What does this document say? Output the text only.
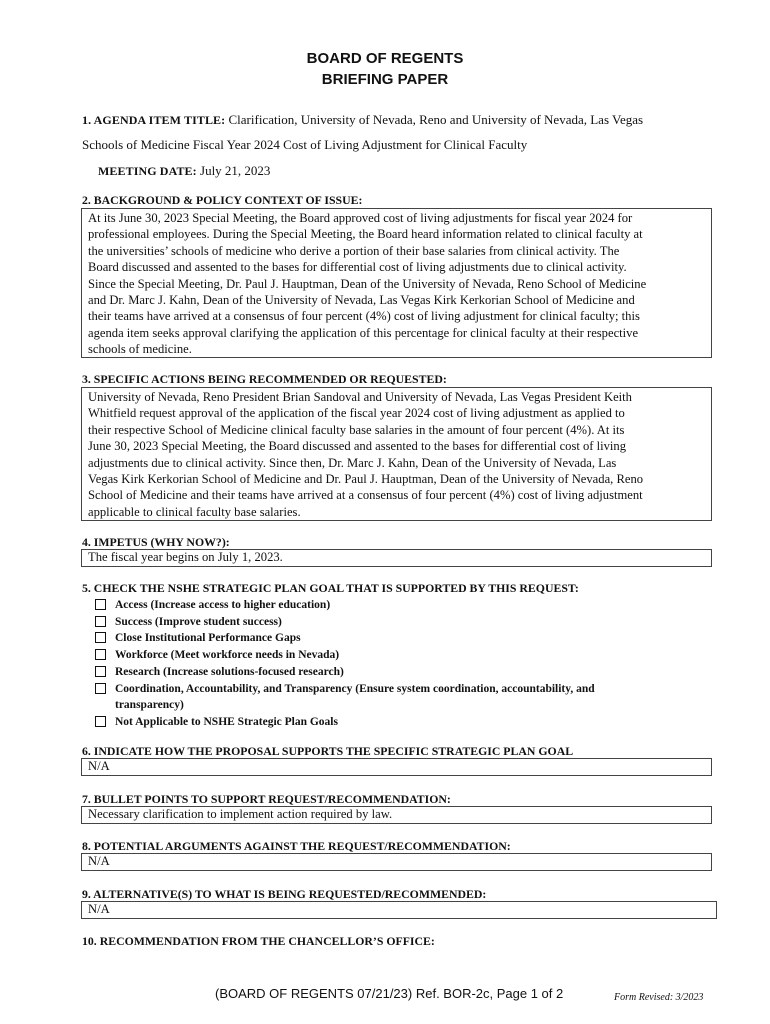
BOARD OF REGENTS
BRIEFING PAPER
1. AGENDA ITEM TITLE: Clarification, University of Nevada, Reno and University of Nevada, Las Vegas
Schools of Medicine Fiscal Year 2024 Cost of Living Adjustment for Clinical Faculty
MEETING DATE: July 21, 2023
2. BACKGROUND & POLICY CONTEXT OF ISSUE:
At its June 30, 2023 Special Meeting, the Board approved cost of living adjustments for fiscal year 2024 for
professional employees. During the Special Meeting, the Board heard information related to clinical faculty at
the universities’ schools of medicine who derive a portion of their base salaries from clinical activity. The
Board discussed and assented to the bases for differential cost of living adjustments due to clinical activity.
Since the Special Meeting, Dr. Paul J. Hauptman, Dean of the University of Nevada, Reno School of Medicine
and Dr. Marc J. Kahn, Dean of the University of Nevada, Las Vegas Kirk Kerkorian School of Medicine and
their teams have arrived at a consensus of four percent (4%) cost of living adjustment for clinical faculty; this
agenda item seeks approval clarifying the application of this percentage for clinical faculty at their respective
schools of medicine.
3. SPECIFIC ACTIONS BEING RECOMMENDED OR REQUESTED:
University of Nevada, Reno President Brian Sandoval and University of Nevada, Las Vegas President Keith
Whitfield request approval of the application of the fiscal year 2024 cost of living adjustment as applied to
their respective School of Medicine clinical faculty base salaries in the amount of four percent (4%). At its
June 30, 2023 Special Meeting, the Board discussed and assented to the bases for differential cost of living
adjustments due to clinical activity. Since then, Dr. Marc J. Kahn, Dean of the University of Nevada, Las
Vegas Kirk Kerkorian School of Medicine and Dr. Paul J. Hauptman, Dean of the University of Nevada, Reno
School of Medicine and their teams have arrived at a consensus of four percent (4%) cost of living adjustment
applicable to clinical faculty base salaries.
4. IMPETUS (WHY NOW?):
The fiscal year begins on July 1, 2023.
5. CHECK THE NSHE STRATEGIC PLAN GOAL THAT IS SUPPORTED BY THIS REQUEST:
Access (Increase access to higher education)
Success (Improve student success)
Close Institutional Performance Gaps
Workforce (Meet workforce needs in Nevada)
Research (Increase solutions-focused research)
Coordination, Accountability, and Transparency (Ensure system coordination, accountability, and
transparency)
Not Applicable to NSHE Strategic Plan Goals
6. INDICATE HOW THE PROPOSAL SUPPORTS THE SPECIFIC STRATEGIC PLAN GOAL
N/A
7. BULLET POINTS TO SUPPORT REQUEST/RECOMMENDATION:
Necessary clarification to implement action required by law.
8. POTENTIAL ARGUMENTS AGAINST THE REQUEST/RECOMMENDATION:
N/A
9. ALTERNATIVE(S) TO WHAT IS BEING REQUESTED/RECOMMENDED:
N/A
10. RECOMMENDATION FROM THE CHANCELLOR’S OFFICE:
(BOARD OF REGENTS 07/21/23) Ref. BOR-2c, Page 1 of 2	Form Revised: 3/2023
